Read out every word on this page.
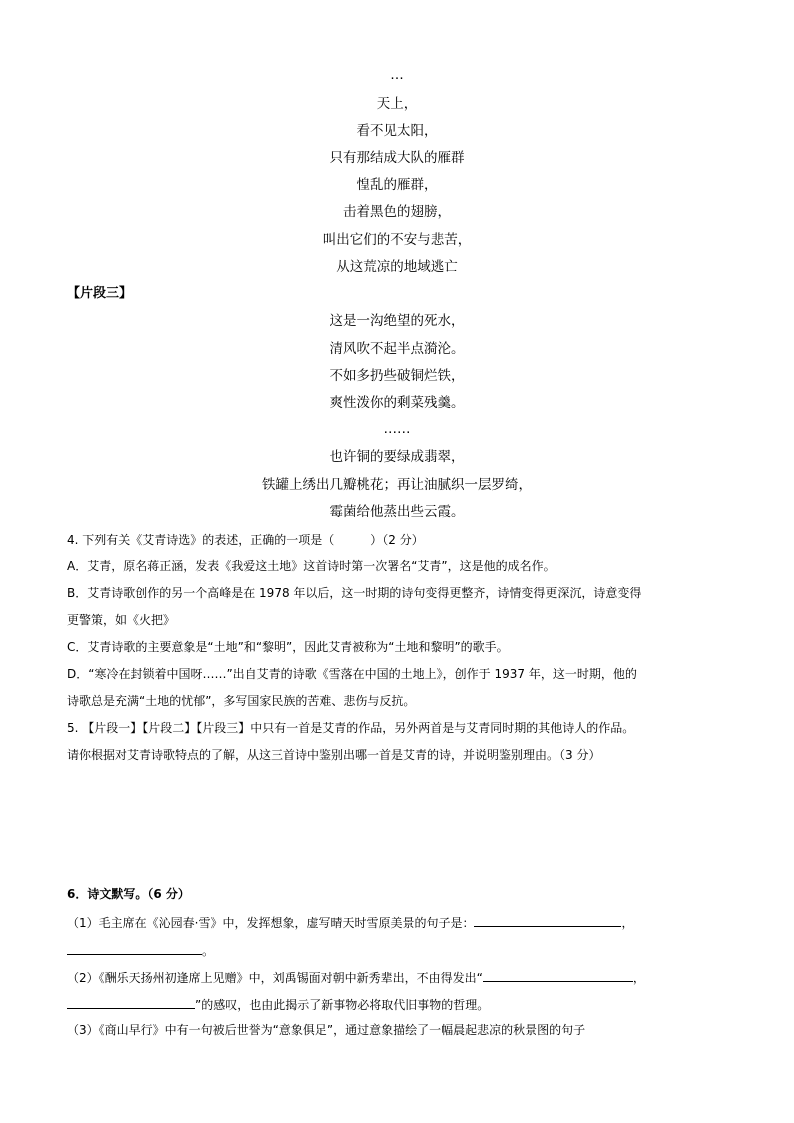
…
天上，
看不见太阳，
只有那结成大队的雁群
惶乱的雁群，
击着黑色的翅膀，
叫出它们的不安与悲苦，
从这荒凉的地域逃亡
【片段三】
这是一沟绝望的死水，
清风吹不起半点漪沦。
不如多扔些破铜烂铁，
爽性泼你的剩菜残羹。
……
也许铜的要绿成翡翠，
铁罐上绣出几瓣桃花；再让油腻织一层罗绮，
霉菌给他蒸出些云霞。
4. 下列有关《艾青诗选》的表述，正确的一项是（　　　）（2 分）
A．艾青，原名蒋正涵，发表《我爱这土地》这首诗时第一次署名“艾青”，这是他的成名作。
B．艾青诗歌创作的另一个高峰是在 1978 年以后，这一时期的诗句变得更整齐，诗情变得更深沉，诗意变得
更警策，如《火把》
C．艾青诗歌的主要意象是“土地”和“黎明”，因此艾青被称为“土地和黎明”的歌手。
D．“寒冷在封锁着中国呀……”出自艾青的诗歌《雪落在中国的土地上》，创作于 1937 年，这一时期，他的
诗歌总是充满“土地的忧郁”，多写国家民族的苦难、悲伤与反抗。
5. 【片段一】【片段二】【片段三】中只有一首是艾青的作品，另外两首是与艾青同时期的其他诗人的作品。
请你根据对艾青诗歌特点的了解，从这三首诗中鉴别出哪一首是艾青的诗，并说明鉴别理由。（3 分）
6．诗文默写。（6 分）
（1）毛主席在《沁园春·雪》中，发挥想象，虚写晴天时雪原美景的句子是：	，
。
（2）《酬乐天扬州初逢席上见赠》中，刘禹锡面对朝中新秀辈出，不由得发出“	，
”的感叹，也由此揭示了新事物必将取代旧事物的哲理。
（3）《商山早行》中有一句被后世誉为“意象俱足”，通过意象描绘了一幅晨起悲凉的秋景图的句子
